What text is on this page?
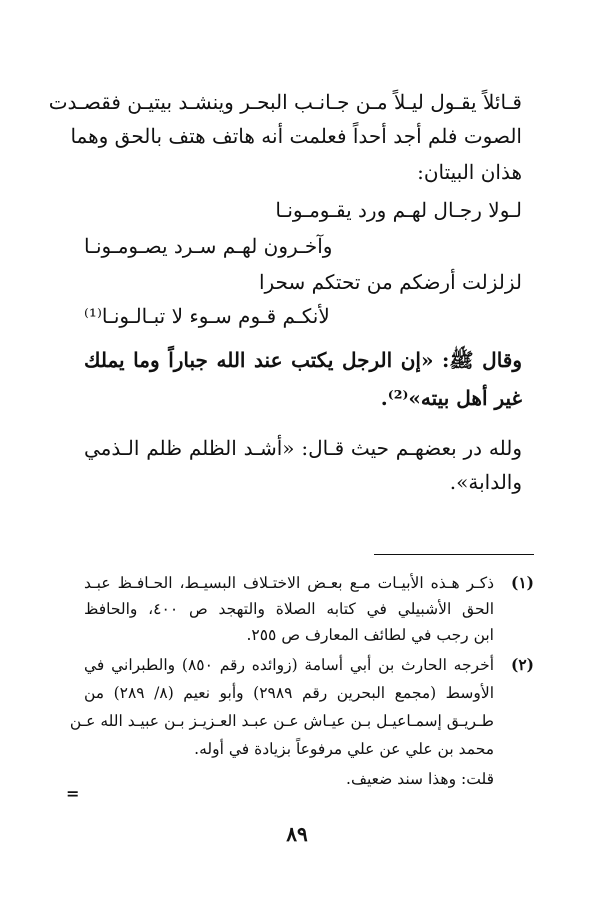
قـائلاً يقـول ليـلاً مـن جـانـب البحـر وينشـد بيتيـن فقصـدت
الصوت فلم أجد أحداً فعلمت أنه هاتف هتف بالحق وهما
هذان البيتان:
لـولا رجـال لهـم ورد يقـومـونـا
وآخـرون لهـم سـرد يصـومـونـا
لزلزلت أرضكم من تحتكم سحرا
لأنكـم قـوم سـوء لا تبـالـونـا⁽¹⁾
وقال ﷺ: «إن الرجل يكتب عند الله جباراً وما يملك
غير أهل بيته»⁽²⁾.
ولله در بعضهـم حيث قـال: «أشـد الظلم ظلم الـذمي
والدابة».
(١)
ذكـر هـذه الأبيـات مـع بعـض الاختـلاف البسيـط، الحـافـظ عبـد
الحق الأشبيلي في كتابه الصلاة والتهجد ص ٤٠٠، والحافظ
ابن رجب في لطائف المعارف ص ٢٥٥.
(٢)
أخرجه الحارث بن أبي أسامة (زوائده رقم ٨٥٠) والطبراني في
الأوسط (مجمع البحرين رقم ٢٩٨٩) وأبو نعيم (٨/ ٢٨٩) من
طـريـق إسمـاعيـل بـن عيـاش عـن عبـد العـزيـز بـن عبيـد الله عـن
محمد بن علي عن علي مرفوعاً بزيادة في أوله.
قلت: وهذا سند ضعيف.
=
٨٩
